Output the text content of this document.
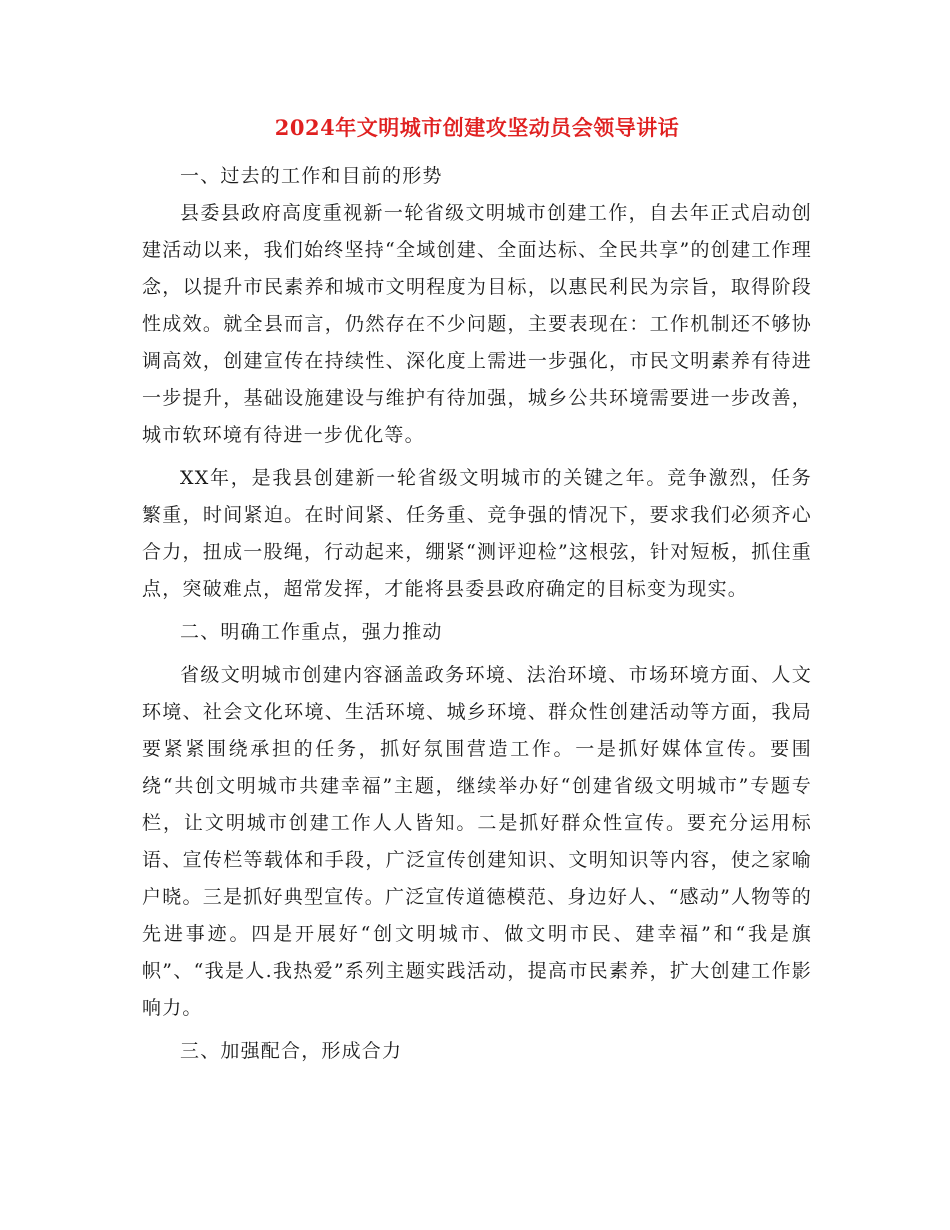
2024年文明城市创建攻坚动员会领导讲话

一、过去的工作和目前的形势

县委县政府高度重视新一轮省级文明城市创建工作，自去年正式启动创建活动以来，我们始终坚持“全域创建、全面达标、全民共享”的创建工作理念，以提升市民素养和城市文明程度为目标，以惠民利民为宗旨，取得阶段性成效。就全县而言，仍然存在不少问题，主要表现在：工作机制还不够协调高效，创建宣传在持续性、深化度上需进一步强化，市民文明素养有待进一步提升，基础设施建设与维护有待加强，城乡公共环境需要进一步改善，城市软环境有待进一步优化等。

XX年，是我县创建新一轮省级文明城市的关键之年。竞争激烈，任务繁重，时间紧迫。在时间紧、任务重、竞争强的情况下，要求我们必须齐心合力，扭成一股绳，行动起来，绷紧“测评迎检”这根弦，针对短板，抓住重点，突破难点，超常发挥，才能将县委县政府确定的目标变为现实。

二、明确工作重点，强力推动

省级文明城市创建内容涵盖政务环境、法治环境、市场环境方面、人文环境、社会文化环境、生活环境、城乡环境、群众性创建活动等方面，我局要紧紧围绕承担的任务，抓好氛围营造工作。一是抓好媒体宣传。要围绕“共创文明城市共建幸福”主题，继续举办好“创建省级文明城市”专题专栏，让文明城市创建工作人人皆知。二是抓好群众性宣传。要充分运用标语、宣传栏等载体和手段，广泛宣传创建知识、文明知识等内容，使之家喻户晓。三是抓好典型宣传。广泛宣传道德模范、身边好人、“感动”人物等的先进事迹。四是开展好“创文明城市、做文明市民、建幸福”和“我是旗帜”、“我是人.我热爱”系列主题实践活动，提高市民素养，扩大创建工作影响力。

三、加强配合，形成合力
